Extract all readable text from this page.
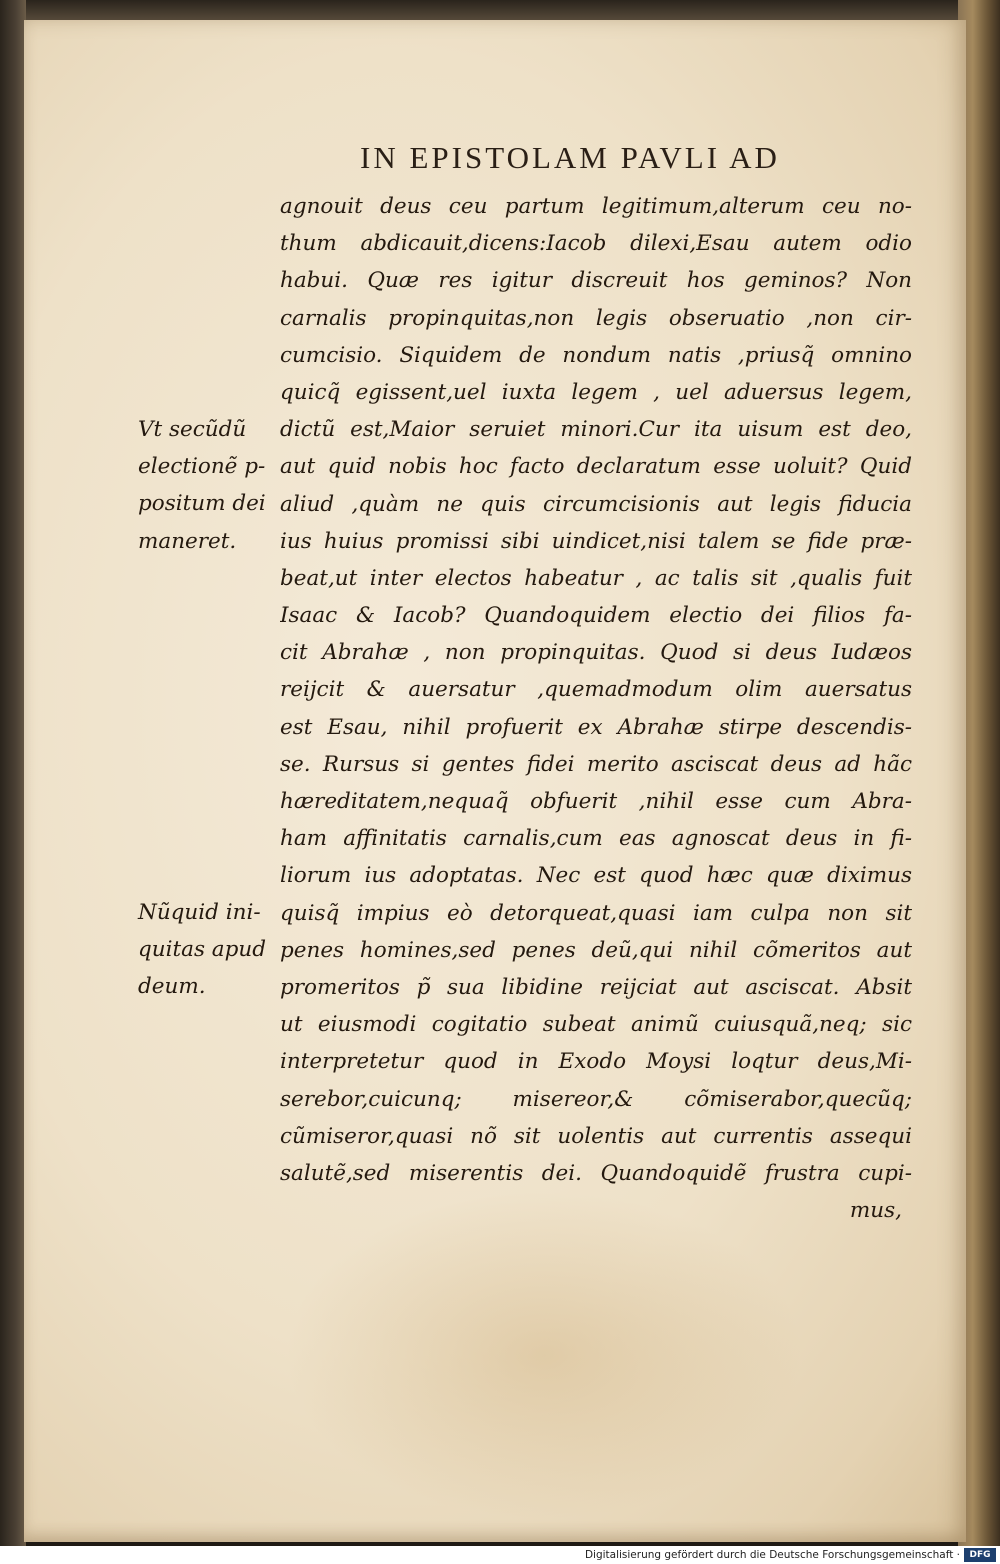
IN EPISTOLAM PAVLI AD
agnouit deus ceu partum legitimum,alterum ceu no-
thum abdicauit,dicens:Iacob dilexi,Esau autem odio
habui. Quæ res igitur discreuit hos geminos? Non
carnalis propinquitas,non legis obseruatio ,non cir-
cumcisio. Siquidem de nondum natis ,priusq̃ omnino
quicq̃ egissent,uel iuxta legem , uel aduersus legem,
dictũ est,Maior seruiet minori.Cur ita uisum est deo,
aut quid nobis hoc facto declaratum esse uoluit? Quid
aliud ,quàm ne quis circumcisionis aut legis fiducia
ius huius promissi sibi uindicet,nisi talem se fide præ-
beat,ut inter electos habeatur , ac talis sit ,qualis fuit
Isaac & Iacob? Quandoquidem electio dei filios fa-
cit Abrahæ , non propinquitas. Quod si deus Iudæos
reijcit & auersatur ,quemadmodum olim auersatus
est Esau, nihil profuerit ex Abrahæ stirpe descendis-
se. Rursus si gentes fidei merito asciscat deus ad hãc
hæreditatem,nequaq̃ obfuerit ,nihil esse cum Abra-
ham affinitatis carnalis,cum eas agnoscat deus in fi-
liorum ius adoptatas. Nec est quod hæc quæ diximus
quisq̃ impius eò detorqueat,quasi iam culpa non sit
penes homines,sed penes deũ,qui nihil cõmeritos aut
promeritos p̃ sua libidine reijciat aut asciscat. Absit
ut eiusmodi cogitatio subeat animũ cuiusquã,neq; sic
interpretetur quod in Exodo Moysi loqtur deus,Mi-
serebor,cuicunq; misereor,& cõmiserabor,quecũq;
cũmiseror,quasi nõ sit uolentis aut currentis assequi
salutẽ,sed miserentis dei. Quandoquidẽ frustra cupi-
mus,
Vt secũdũ
electionẽ p-
positum dei
maneret.
Nũquid ini-
quitas apud
deum.
Digitalisierung gefördert durch die Deutsche Forschungsgemeinschaft ·	DFG
